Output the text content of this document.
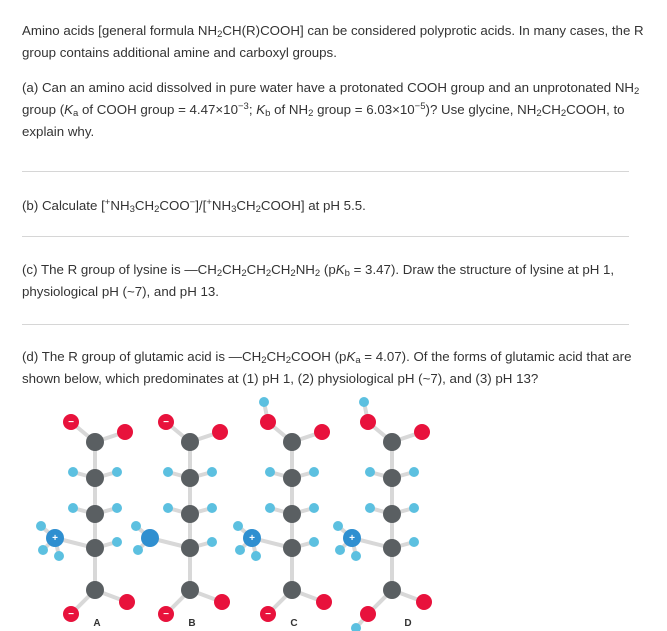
Amino acids [general formula $NH_2CH(R)COOH$] can be considered polyprotic acids. In many cases, the R group contains additional amine and carboxyl groups.

(a) Can an amino acid dissolved in pure water have a protonated COOH group and an unprotonated $NH_2$ group ($K_a$ of COOH group = $4.47\times 10^{-3}$; $K_b$ of $NH_2$ group = $6.03\times 10^{-5}$)? Use glycine, $NH_2CH_2COOH$, to explain why.

(b) Calculate $[^+NH_3CH_2COO^-]/[^+NH_3CH_2COOH]$ at pH 5.5.

(c) The R group of lysine is $—CH_2CH_2CH_2CH_2NH_2$ $(pK_b = 3.47)$. Draw the structure of lysine at pH 1, physiological pH (~7), and pH 13.

(d) The R group of glutamic acid is $—CH_2CH_2COOH$ $(pK_a = 4.07)$. Of the forms of glutamic acid that are shown below, which predominates at (1) pH 1, (2) physiological pH (~7), and (3) pH 13?

−
+
−
A
−
−
B
+
−
C
+
D
